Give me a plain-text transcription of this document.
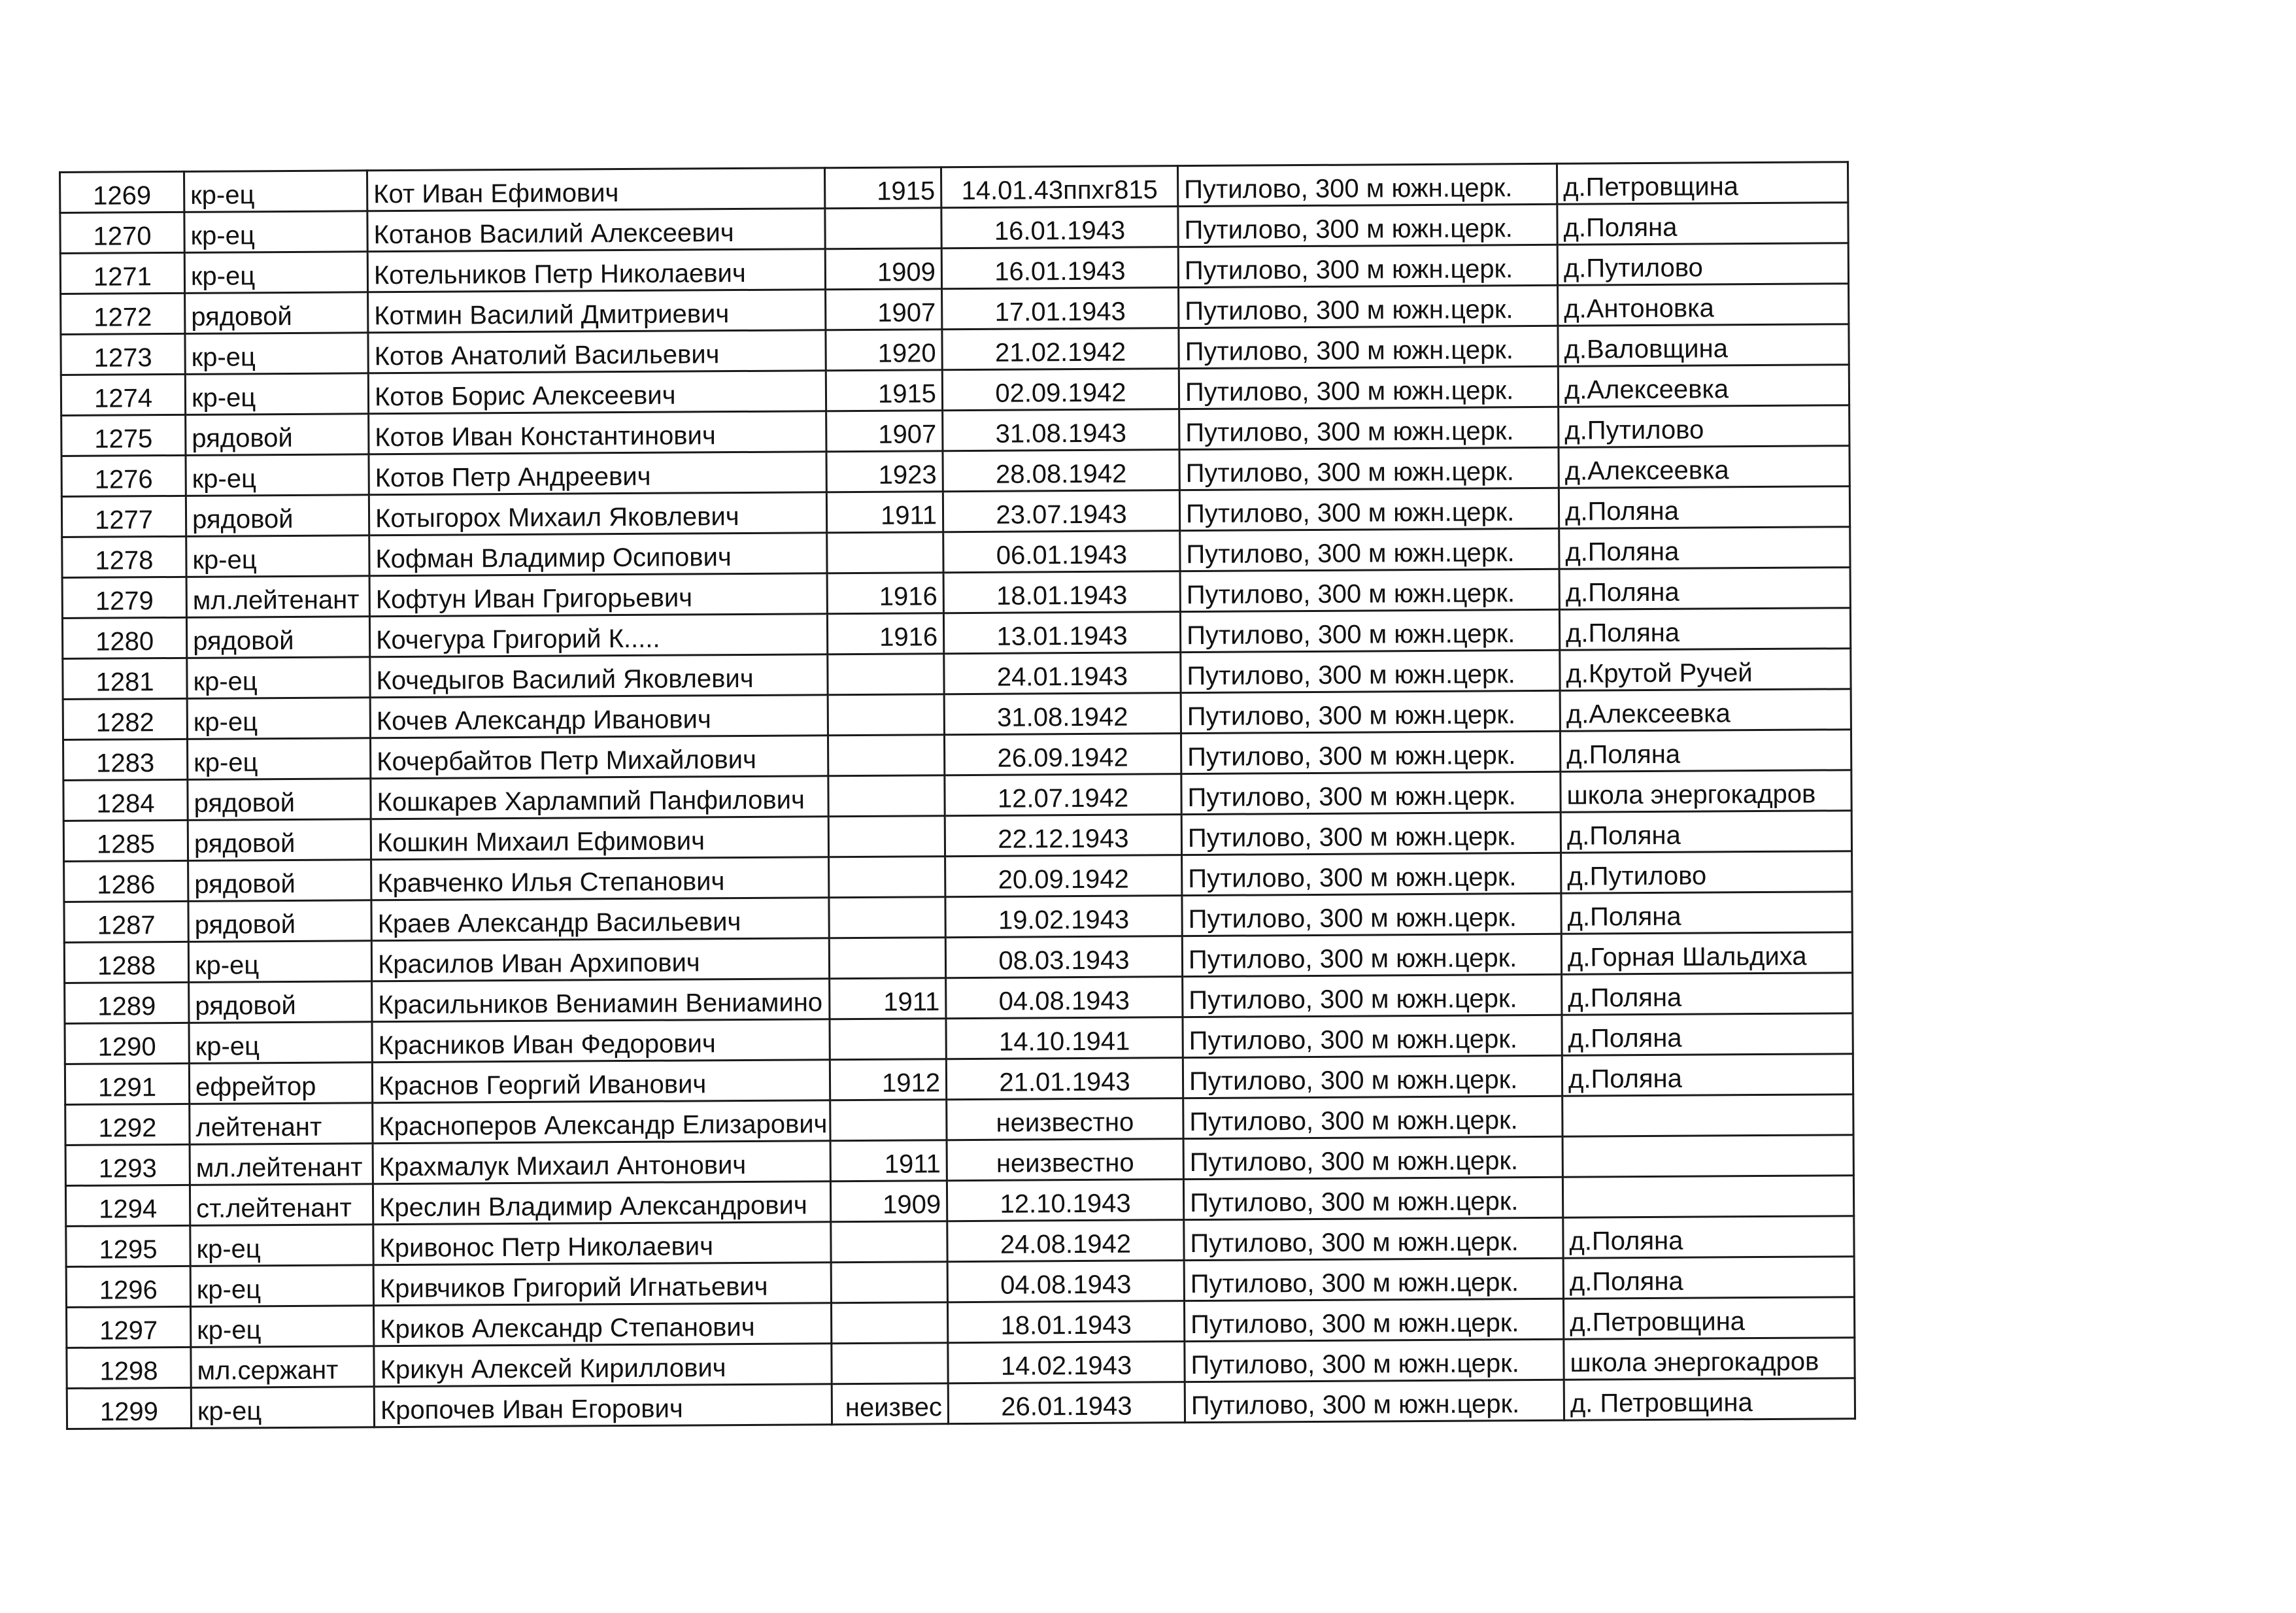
1269	кр-ец	Кот Иван Ефимович	1915	14.01.43ппхг815	Путилово, 300 м южн.церк.	д.Петровщина
1270	кр-ец	Котанов Василий Алексеевич		16.01.1943	Путилово, 300 м южн.церк.	д.Поляна
1271	кр-ец	Котельников Петр Николаевич	1909	16.01.1943	Путилово, 300 м южн.церк.	д.Путилово
1272	рядовой	Котмин Василий Дмитриевич	1907	17.01.1943	Путилово, 300 м южн.церк.	д.Антоновка
1273	кр-ец	Котов Анатолий Васильевич	1920	21.02.1942	Путилово, 300 м южн.церк.	д.Валовщина
1274	кр-ец	Котов Борис Алексеевич	1915	02.09.1942	Путилово, 300 м южн.церк.	д.Алексеевка
1275	рядовой	Котов Иван Константинович	1907	31.08.1943	Путилово, 300 м южн.церк.	д.Путилово
1276	кр-ец	Котов Петр Андреевич	1923	28.08.1942	Путилово, 300 м южн.церк.	д.Алексеевка
1277	рядовой	Котыгорох Михаил Яковлевич	1911	23.07.1943	Путилово, 300 м южн.церк.	д.Поляна
1278	кр-ец	Кофман Владимир Осипович		06.01.1943	Путилово, 300 м южн.церк.	д.Поляна
1279	мл.лейтенант	Кофтун Иван Григорьевич	1916	18.01.1943	Путилово, 300 м южн.церк.	д.Поляна
1280	рядовой	Кочегура Григорий К.....	1916	13.01.1943	Путилово, 300 м южн.церк.	д.Поляна
1281	кр-ец	Кочедыгов Василий Яковлевич		24.01.1943	Путилово, 300 м южн.церк.	д.Крутой Ручей
1282	кр-ец	Кочев Александр Иванович		31.08.1942	Путилово, 300 м южн.церк.	д.Алексеевка
1283	кр-ец	Кочербайтов Петр Михайлович		26.09.1942	Путилово, 300 м южн.церк.	д.Поляна
1284	рядовой	Кошкарев Харлампий Панфилович		12.07.1942	Путилово, 300 м южн.церк.	школа энергокадров
1285	рядовой	Кошкин Михаил Ефимович		22.12.1943	Путилово, 300 м южн.церк.	д.Поляна
1286	рядовой	Кравченко Илья Степанович		20.09.1942	Путилово, 300 м южн.церк.	д.Путилово
1287	рядовой	Краев Александр Васильевич		19.02.1943	Путилово, 300 м южн.церк.	д.Поляна
1288	кр-ец	Красилов Иван Архипович		08.03.1943	Путилово, 300 м южн.церк.	д.Горная Шальдиха
1289	рядовой	Красильников Вениамин Вениамино	1911	04.08.1943	Путилово, 300 м южн.церк.	д.Поляна
1290	кр-ец	Красников Иван Федорович		14.10.1941	Путилово, 300 м южн.церк.	д.Поляна
1291	ефрейтор	Краснов Георгий Иванович	1912	21.01.1943	Путилово, 300 м южн.церк.	д.Поляна
1292	лейтенант	Красноперов Александр Елизарович		неизвестно	Путилово, 300 м южн.церк.	
1293	мл.лейтенант	Крахмалук Михаил Антонович	1911	неизвестно	Путилово, 300 м южн.церк.	
1294	ст.лейтенант	Креслин Владимир Александрович	1909	12.10.1943	Путилово, 300 м южн.церк.	
1295	кр-ец	Кривонос Петр Николаевич		24.08.1942	Путилово, 300 м южн.церк.	д.Поляна
1296	кр-ец	Кривчиков Григорий Игнатьевич		04.08.1943	Путилово, 300 м южн.церк.	д.Поляна
1297	кр-ец	Криков Александр Степанович		18.01.1943	Путилово, 300 м южн.церк.	д.Петровщина
1298	мл.сержант	Крикун Алексей Кириллович		14.02.1943	Путилово, 300 м южн.церк.	школа энергокадров
1299	кр-ец	Кропочев Иван Егорович	неизвес	26.01.1943	Путилово, 300 м южн.церк.	д. Петровщина
